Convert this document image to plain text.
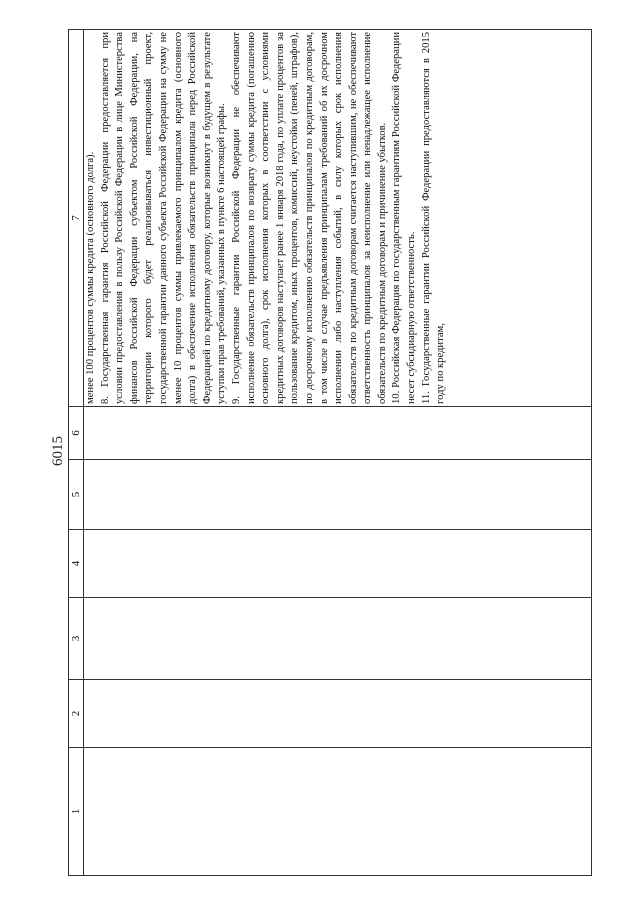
6015
1	2	3	4	5	6	7

						менее 100 процентов суммы кредита (основного долга). 8. Государственная гарантия Российской Федерации предоставляется при условии предоставления в пользу Российской Федерации в лице Министерства финансов Российской Федерации субъектом Российской Федерации, на территории которого будет реализовываться инвестиционный проект, государственной гарантии данного субъекта Российской Федерации на сумму не менее 10 процентов суммы привлекаемого принципалом кредита (основного долга) в обеспечение исполнения обязательств принципала перед Российской Федерацией по кредитному договору, которые возникнут в будущем в результате уступки прав требований, указанных в пункте 6 настоящей графы. 9. Государственные гарантии Российской Федерации не обеспечивают исполнение обязательств принципалов по возврату суммы кредита (погашению основного долга), срок исполнения которых в соответствии с условиями кредитных договоров наступает ранее 1 января 2018 года, по уплате процентов за пользование кредитом, иных процентов, комиссий, неустойки (пеней, штрафов), по досрочному исполнению обязательств принципалов по кредитным договорам, в том числе в случае предъявления принципалам требований об их досрочном исполнении либо наступления событий, в силу которых срок исполнения обязательств по кредитным договорам считается наступившим, не обеспечивают ответственность принципалов за неисполнение или ненадлежащее исполнение обязательств по кредитным договорам и причинение убытков. 10. Российская Федерация по государственным гарантиям Российской Федерации несет субсидиарную ответственность. 11. Государственные гарантии Российской Федерации предоставляются в 2015 году по кредитам,
